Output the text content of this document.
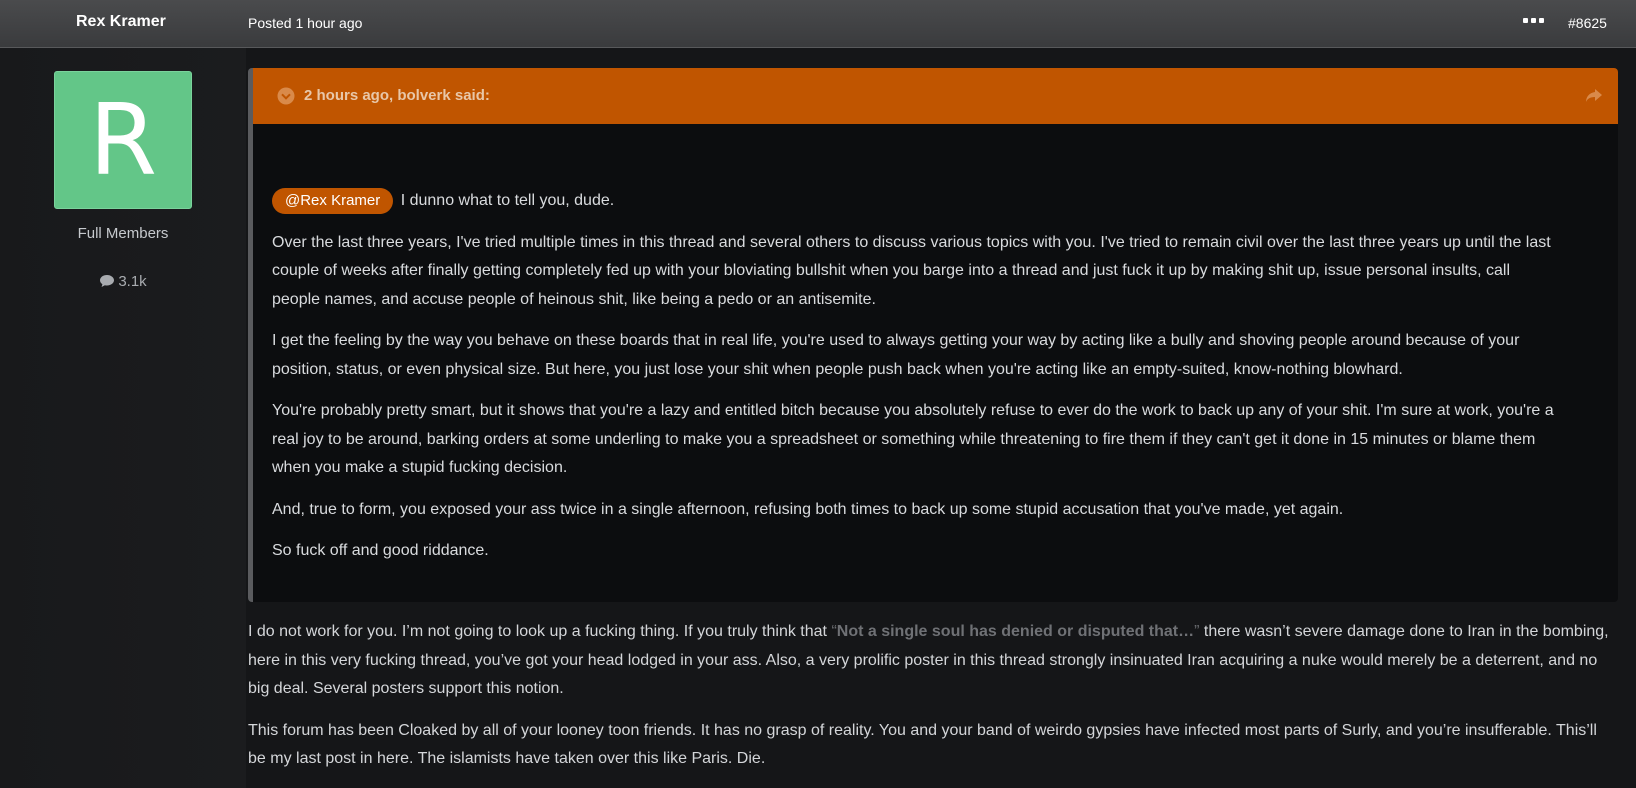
Rex Kramer	Posted 1 hour ago	#8625
R
Full Members
3.1k
2 hours ago, bolverk said:

@Rex Kramer I dunno what to tell you, dude.

Over the last three years, I've tried multiple times in this thread and several others to discuss various topics with you. I've tried to remain civil over the last three years up until the last couple of weeks after finally getting completely fed up with your bloviating bullshit when you barge into a thread and just fuck it up by making shit up, issue personal insults, call people names, and accuse people of heinous shit, like being a pedo or an antisemite.

I get the feeling by the way you behave on these boards that in real life, you're used to always getting your way by acting like a bully and shoving people around because of your position, status, or even physical size. But here, you just lose your shit when people push back when you're acting like an empty-suited, know-nothing blowhard.

You're probably pretty smart, but it shows that you're a lazy and entitled bitch because you absolutely refuse to ever do the work to back up any of your shit. I'm sure at work, you're a real joy to be around, barking orders at some underling to make you a spreadsheet or something while threatening to fire them if they can't get it done in 15 minutes or blame them when you make a stupid fucking decision.

And, true to form, you exposed your ass twice in a single afternoon, refusing both times to back up some stupid accusation that you've made, yet again.

So fuck off and good riddance.

I do not work for you. I’m not going to look up a fucking thing. If you truly think that “Not a single soul has denied or disputed that…” there wasn’t severe damage done to Iran in the bombing, here in this very fucking thread, you’ve got your head lodged in your ass. Also, a very prolific poster in this thread strongly insinuated Iran acquiring a nuke would merely be a deterrent, and no big deal. Several posters support this notion.

This forum has been Cloaked by all of your looney toon friends. It has no grasp of reality. You and your band of weirdo gypsies have infected most parts of Surly, and you’re insufferable. This’ll be my last post in here. The islamists have taken over this like Paris. Die.
